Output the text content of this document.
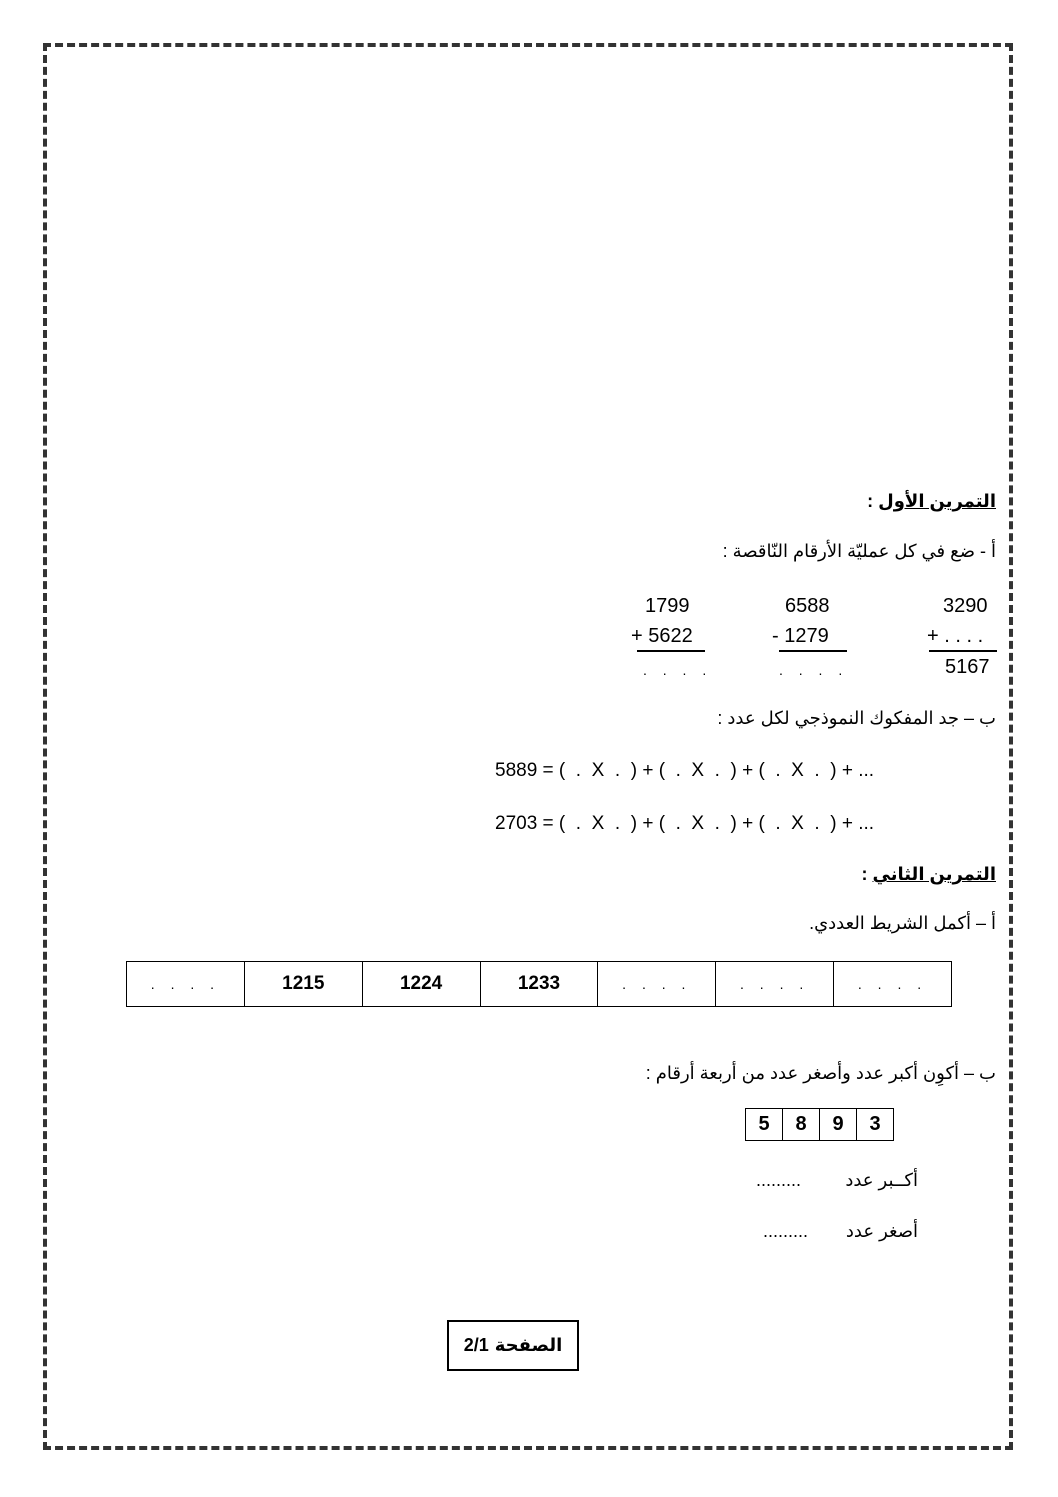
التمرين الأول :
أ - ضع في كل عمليّة الأرقام النّاقصة :
3290
+ . . . .
5167
6588
- 1279
. . . .
1799
+ 5622
. . . .
ب – جد المفكوك النموذجي لكل عدد :
5889 = (  .  X  .  ) + (  .  X  .  ) + (  .  X  .  ) + ...
2703 = (  .  X  .  ) + (  .  X  .  ) + (  .  X  .  ) + ...
التمرين الثاني :
أ – أكمل الشريط العددي.
. . . .	1215	1224	1233	. . . .	. . . .	. . . .
ب – أكوِن أكبر عدد وأصغر عدد من أربعة أرقام :
5	8	9	3
أكــبر عدد
.........
أصغر عدد
.........
الصفحة
2/1
